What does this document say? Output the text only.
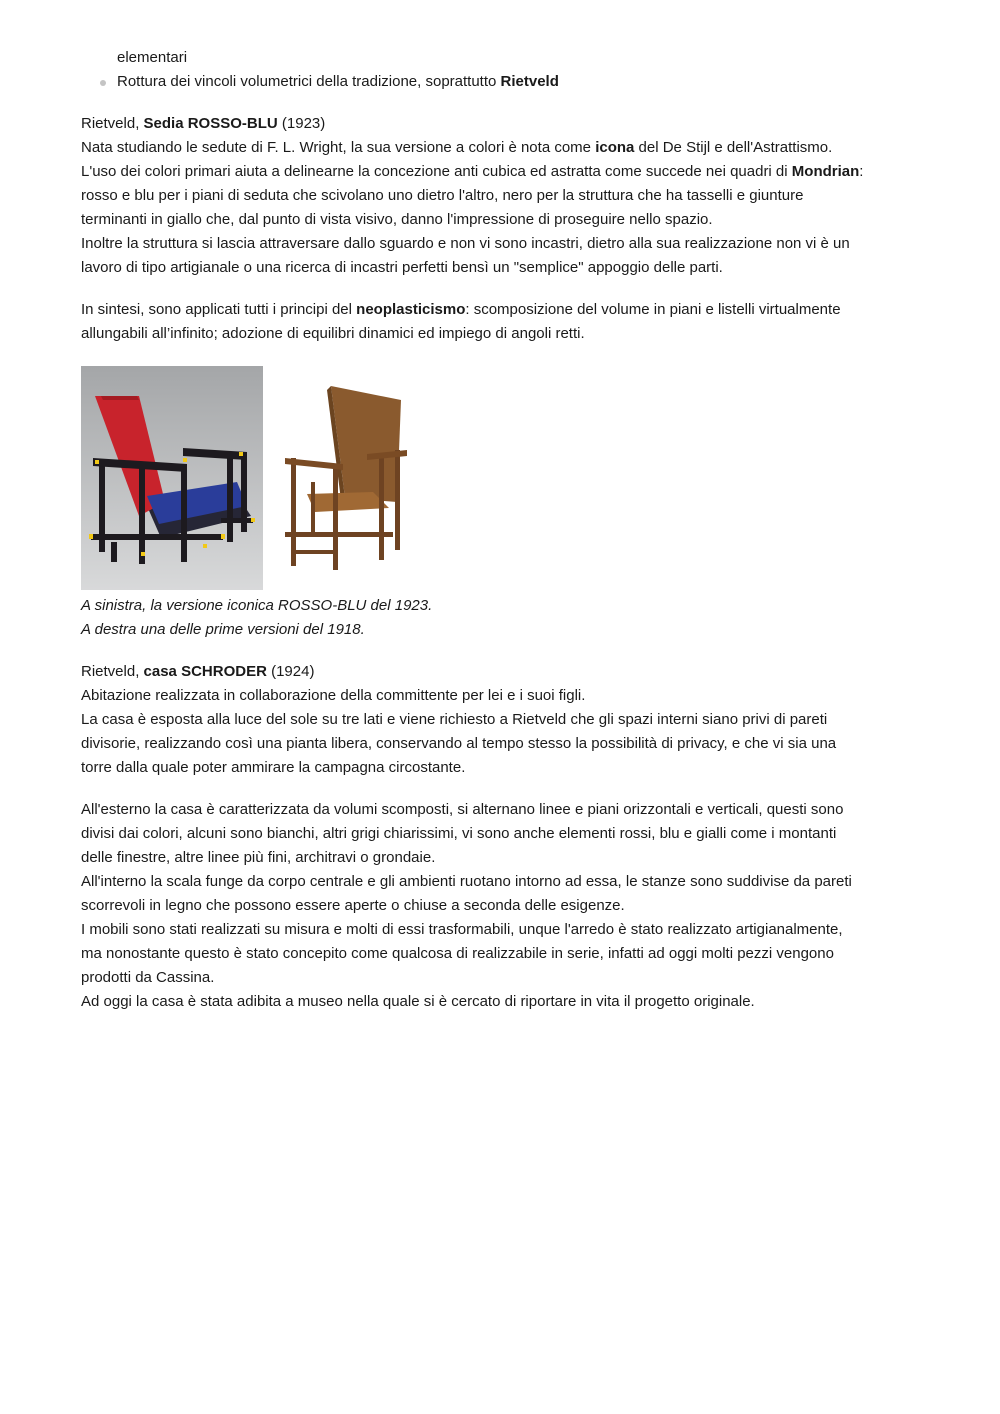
elementari

Rottura dei vincoli volumetrici della tradizione, soprattutto Rietveld

Rietveld, Sedia ROSSO-BLU (1923)

Nata studiando le sedute di F. L. Wright, la sua versione a colori è nota come icona del De Stijl e dell'Astrattismo.

L'uso dei colori primari aiuta a delinearne la concezione anti cubica ed astratta come succede nei quadri di Mondrian:

rosso e blu per i piani di seduta che scivolano uno dietro l'altro, nero per la struttura che ha tasselli e giunture

terminanti in giallo che, dal punto di vista visivo, danno l'impressione di proseguire nello spazio.

Inoltre la struttura si lascia attraversare dallo sguardo e non vi sono incastri, dietro alla sua realizzazione non vi è un

lavoro di tipo artigianale o una ricerca di incastri perfetti bensì un "semplice" appoggio delle parti.

In sintesi, sono applicati tutti i principi del neoplasticismo: scomposizione del volume in piani e listelli virtualmente

allungabili all’infinito; adozione di equilibri dinamici ed impiego di angoli retti.

A sinistra, la versione iconica ROSSO-BLU del 1923.

A destra una delle prime versioni del 1918.

Rietveld, casa SCHRODER (1924)

Abitazione realizzata in collaborazione della committente per lei e i suoi figli.

La casa è esposta alla luce del sole su tre lati e viene richiesto a Rietveld che gli spazi interni siano privi di pareti

divisorie, realizzando così una pianta libera, conservando al tempo stesso la possibilità di privacy, e che vi sia una

torre dalla quale poter ammirare la campagna circostante.

All'esterno la casa è caratterizzata da volumi scomposti, si alternano linee e piani orizzontali e verticali, questi sono

divisi dai colori, alcuni sono bianchi, altri grigi chiarissimi, vi sono anche elementi rossi, blu e gialli come i montanti

delle finestre, altre linee più fini, architravi o grondaie.

All'interno la scala funge da corpo centrale e gli ambienti ruotano intorno ad essa, le stanze sono suddivise da pareti

scorrevoli in legno che possono essere aperte o chiuse a seconda delle esigenze.

I mobili sono stati realizzati su misura e molti di essi trasformabili, unque l'arredo è stato realizzato artigianalmente,

ma nonostante questo è stato concepito come qualcosa di realizzabile in serie, infatti ad oggi molti pezzi vengono

prodotti da Cassina.

Ad oggi la casa è stata adibita a museo nella quale si è cercato di riportare in vita il progetto originale.
